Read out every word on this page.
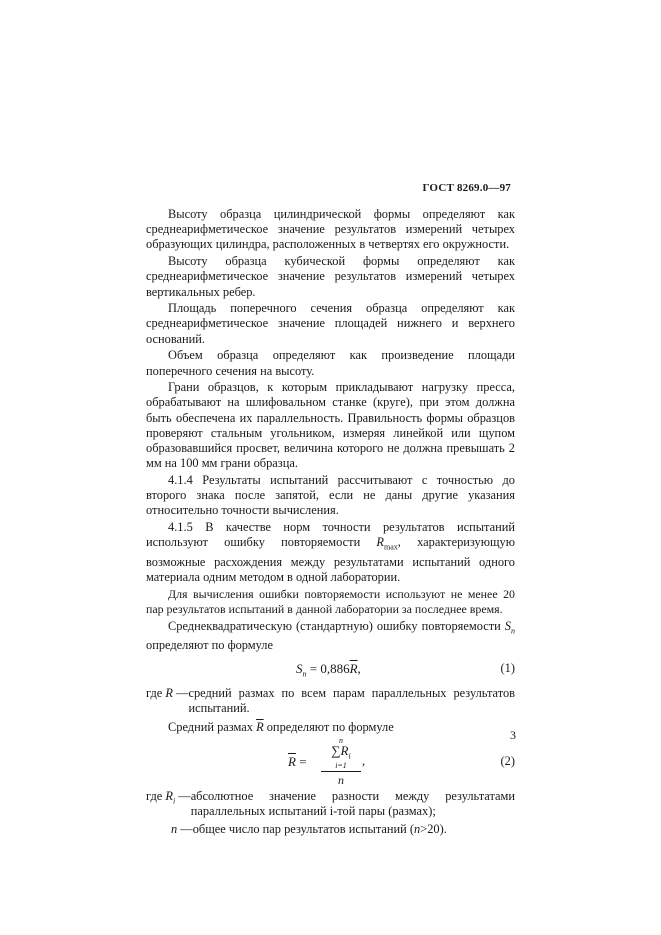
ГОСТ 8269.0—97

Высоту образца цилиндрической формы определяют как среднеарифметическое значение результатов измерений четырех образующих цилиндра, расположенных в четвертях его окружности.

Высоту образца кубической формы определяют как среднеарифметическое значение результатов измерений четырех вертикальных ребер.

Площадь поперечного сечения образца определяют как среднеарифметическое значение площадей нижнего и верхнего оснований.

Объем образца определяют как произведение площади поперечного сечения на высоту.

Грани образцов, к которым прикладывают нагрузку пресса, обрабатывают на шлифовальном станке (круге), при этом должна быть обеспечена их параллельность. Правильность формы образцов проверяют стальным угольником, измеряя линейкой или щупом образовавшийся просвет, величина которого не должна превышать 2 мм на 100 мм грани образца.

4.1.4 Результаты испытаний рассчитывают с точностью до второго знака после запятой, если не даны другие указания относительно точности вычисления.

4.1.5 В качестве норм точности результатов испытаний используют ошибку повторяемости $R_{max}$, характеризующую возможные расхождения между результатами испытаний одного материала одним методом в одной лаборатории.

Для вычисления ошибки повторяемости используют не менее 20 пар результатов испытаний в данной лаборатории за последнее время.

Среднеквадратическую (стандартную) ошибку повторяемости $S_n$ определяют по формуле

$S_n = 0,886\overline{R}$,	(1)
где R — средний размах по всем парам параллельных результатов испытаний.

Средний размах $\overline{R}$ определяют по формуле

$\overline{R}$ =
n
$\sum R_i$
i=1
n
,	(2)
где $R_i$ — абсолютное значение разности между результатами параллельных испытаний i-той пары (размах);
n — общее число пар результатов испытаний (n>20).
3
